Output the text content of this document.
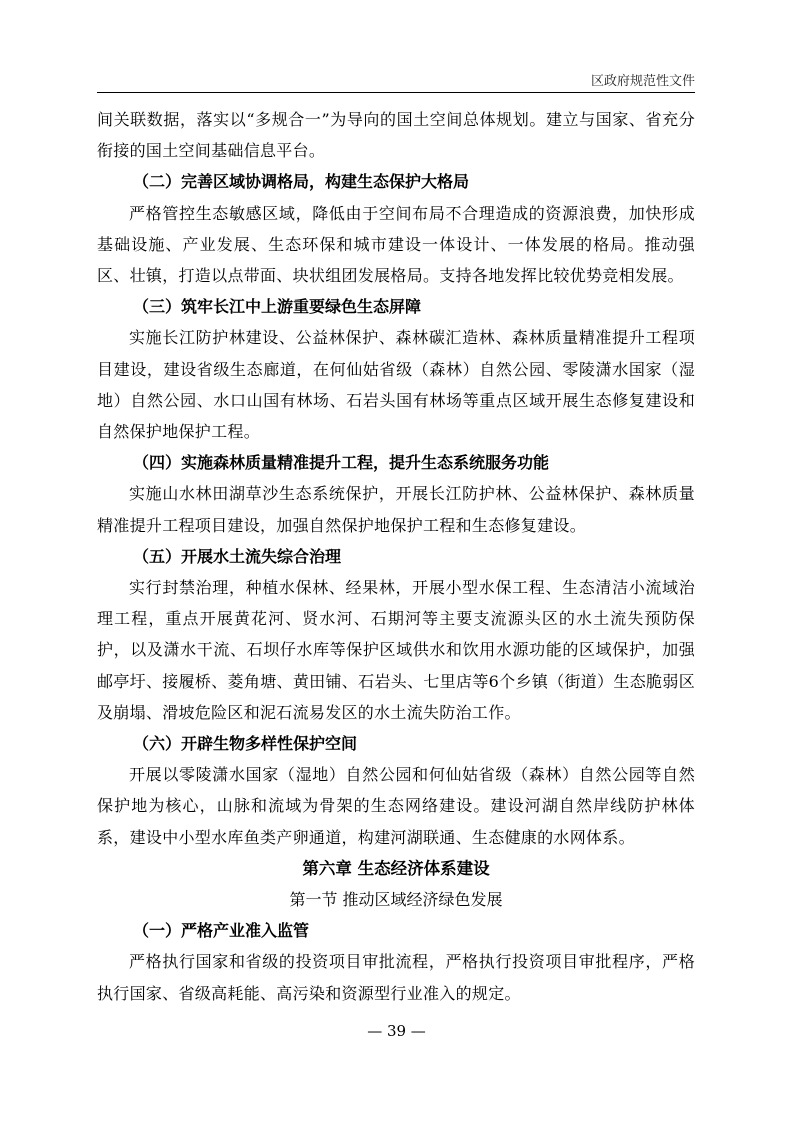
区政府规范性文件

间关联数据，落实以“多规合一”为导向的国土空间总体规划。建立与国家、省充分衔接的国土空间基础信息平台。

（二）完善区域协调格局，构建生态保护大格局

严格管控生态敏感区域，降低由于空间布局不合理造成的资源浪费，加快形成基础设施、产业发展、生态环保和城市建设一体设计、一体发展的格局。推动强区、壮镇，打造以点带面、块状组团发展格局。支持各地发挥比较优势竞相发展。

（三）筑牢长江中上游重要绿色生态屏障

实施长江防护林建设、公益林保护、森林碳汇造林、森林质量精准提升工程项目建设，建设省级生态廊道，在何仙姑省级（森林）自然公园、零陵潇水国家（湿地）自然公园、水口山国有林场、石岩头国有林场等重点区域开展生态修复建设和自然保护地保护工程。

（四）实施森林质量精准提升工程，提升生态系统服务功能

实施山水林田湖草沙生态系统保护，开展长江防护林、公益林保护、森林质量精准提升工程项目建设，加强自然保护地保护工程和生态修复建设。

（五）开展水土流失综合治理

实行封禁治理，种植水保林、经果林，开展小型水保工程、生态清洁小流域治理工程，重点开展黄花河、贤水河、石期河等主要支流源头区的水土流失预防保护，以及潇水干流、石坝仔水库等保护区域供水和饮用水源功能的区域保护，加强邮亭圩、接履桥、菱角塘、黄田铺、石岩头、七里店等6个乡镇（街道）生态脆弱区及崩塌、滑坡危险区和泥石流易发区的水土流失防治工作。

（六）开辟生物多样性保护空间

开展以零陵潇水国家（湿地）自然公园和何仙姑省级（森林）自然公园等自然保护地为核心，山脉和流域为骨架的生态网络建设。建设河湖自然岸线防护林体系，建设中小型水库鱼类产卵通道，构建河湖联通、生态健康的水网体系。

第六章 生态经济体系建设

第一节 推动区域经济绿色发展

（一）严格产业准入监管

严格执行国家和省级的投资项目审批流程，严格执行投资项目审批程序，严格执行国家、省级高耗能、高污染和资源型行业准入的规定。

— 39 —
